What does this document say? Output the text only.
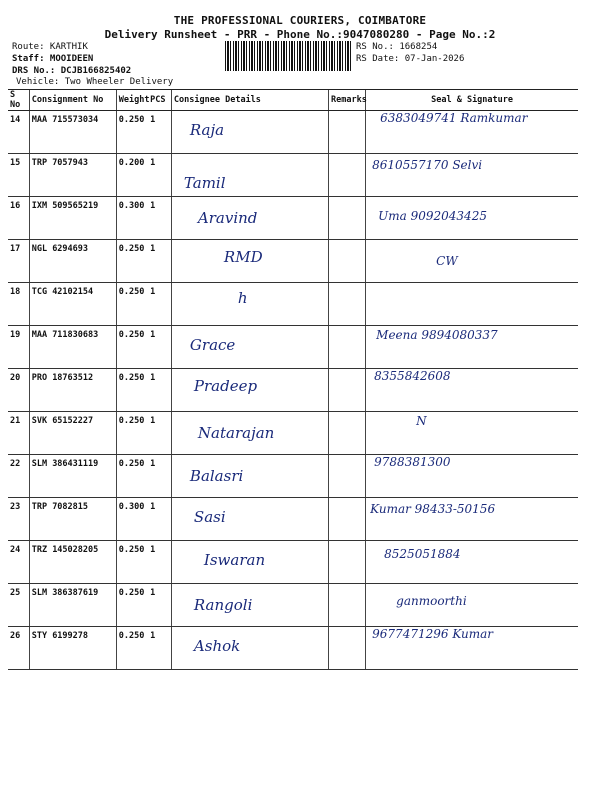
THE PROFESSIONAL COURIERS, COIMBATORE
Delivery Runsheet - PRR - Phone No.:9047080280 - Page No.:2
Route: KARTHIK
Staff: MOOIDEEN
DRS No.: DCJB166825402
Vehicle: Two Wheeler Delivery
RS No.: 1668254
RS Date: 07-Jan-2026
S No	Consignment No	Weight	PCS	Consignee Details	Remarks	Seal & Signature
14	MAA 715573034	0.250	1	Raja		6383049741 Ramkumar

15	TRP 7057943	0.200	1	Tamil		8610557170 Selvi

16	IXM 509565219	0.300	1	Aravind		Uma 9092043425

17	NGL 6294693	0.250	1	RMD		CW

18	TCG 42102154	0.250	1	h		

19	MAA 711830683	0.250	1	Grace		Meena 9894080337

20	PRO 18763512	0.250	1	Pradeep		8355842608

21	SVK 65152227	0.250	1	Natarajan		N

22	SLM 386431119	0.250	1	Balasri		9788381300

23	TRP 7082815	0.300	1	Sasi		Kumar 98433-50156

24	TRZ 145028205	0.250	1	Iswaran		8525051884

25	SLM 386387619	0.250	1	Rangoli		ganmoorthi

26	STY 6199278	0.250	1	Ashok		9677471296 Kumar
